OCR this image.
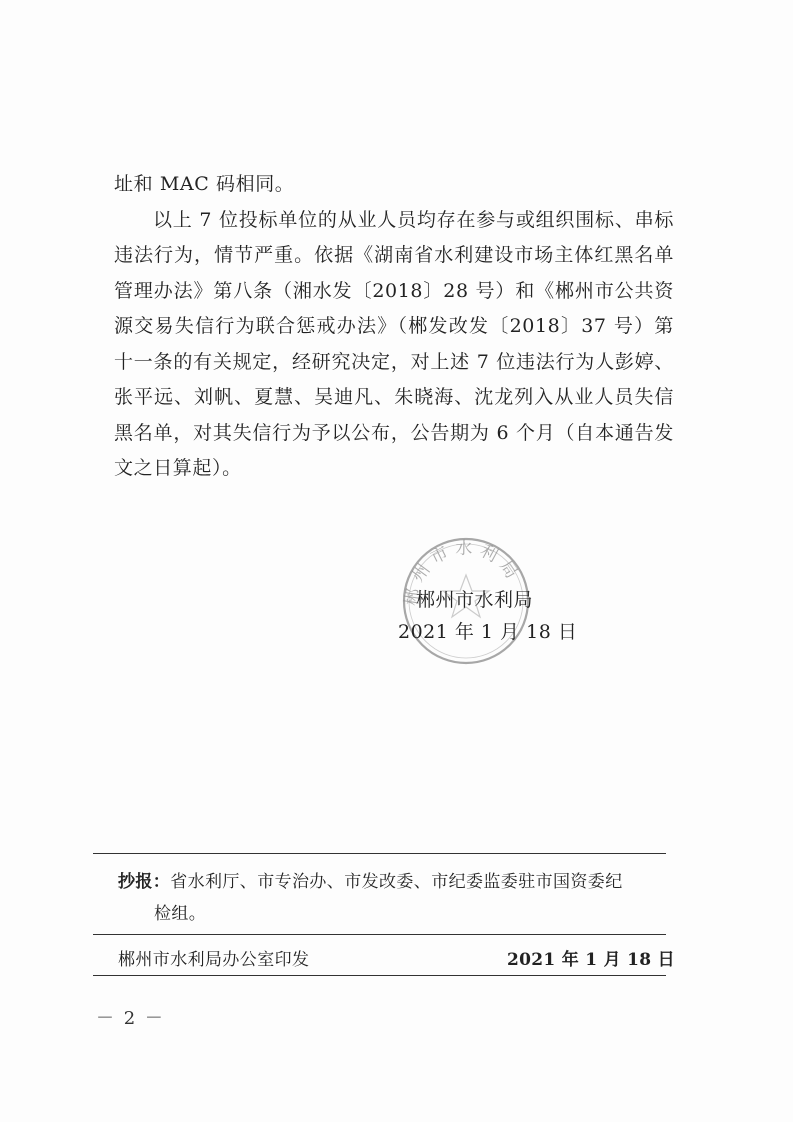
址和 MAC 码相同。

以上 7 位投标单位的从业人员均存在参与或组织围标、串标违法行为，情节严重。依据《湖南省水利建设市场主体红黑名单管理办法》第八条（湘水发〔2018〕28 号）和《郴州市公共资源交易失信行为联合惩戒办法》（郴发改发〔2018〕37 号）第十一条的有关规定，经研究决定，对上述 7 位违法行为人彭婷、张平远、刘帆、夏慧、吴迪凡、朱晓海、沈龙列入从业人员失信黑名单，对其失信行为予以公布，公告期为 6 个月（自本通告发文之日算起）。

郴州市水利局
郴州市水利局
2021 年 1 月 18 日
抄报：省水利厅、市专治办、市发改委、市纪委监委驻市国资委纪
检组。
郴州市水利局办公室印发	2021 年 1 月 18 日
－ 2 －
